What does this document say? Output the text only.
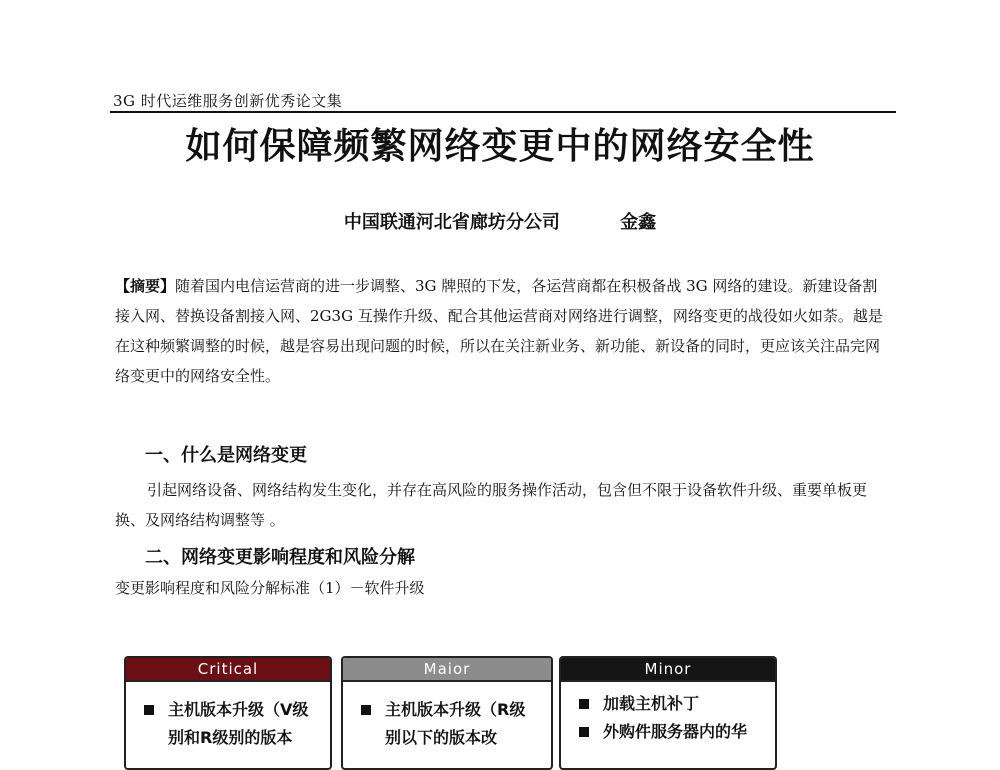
3G 时代运维服务创新优秀论文集
如何保障频繁网络变更中的网络安全性
中国联通河北省廊坊分公司	金鑫
【摘要】随着国内电信运营商的进一步调整、3G 牌照的下发，各运营商都在积极备战 3G 网络的建设。新建设备割接入网、替换设备割接入网、2G3G 互操作升级、配合其他运营商对网络进行调整，网络变更的战役如火如荼。越是在这种频繁调整的时候，越是容易出现问题的时候，所以在关注新业务、新功能、新设备的同时，更应该关注品完网络变更中的网络安全性。
一、什么是网络变更
引起网络设备、网络结构发生变化，并存在高风险的服务操作活动，包含但不限于设备软件升级、重要单板更换、及网络结构调整等 。
二、网络变更影响程度和风险分解
变更影响程度和风险分解标准（1）－软件升级
Critical
主机版本升级（V级别和R级别的版本
Maior
主机版本升级（R级别以下的版本改
Minor
加载主机补丁
外购件服务器内的华
